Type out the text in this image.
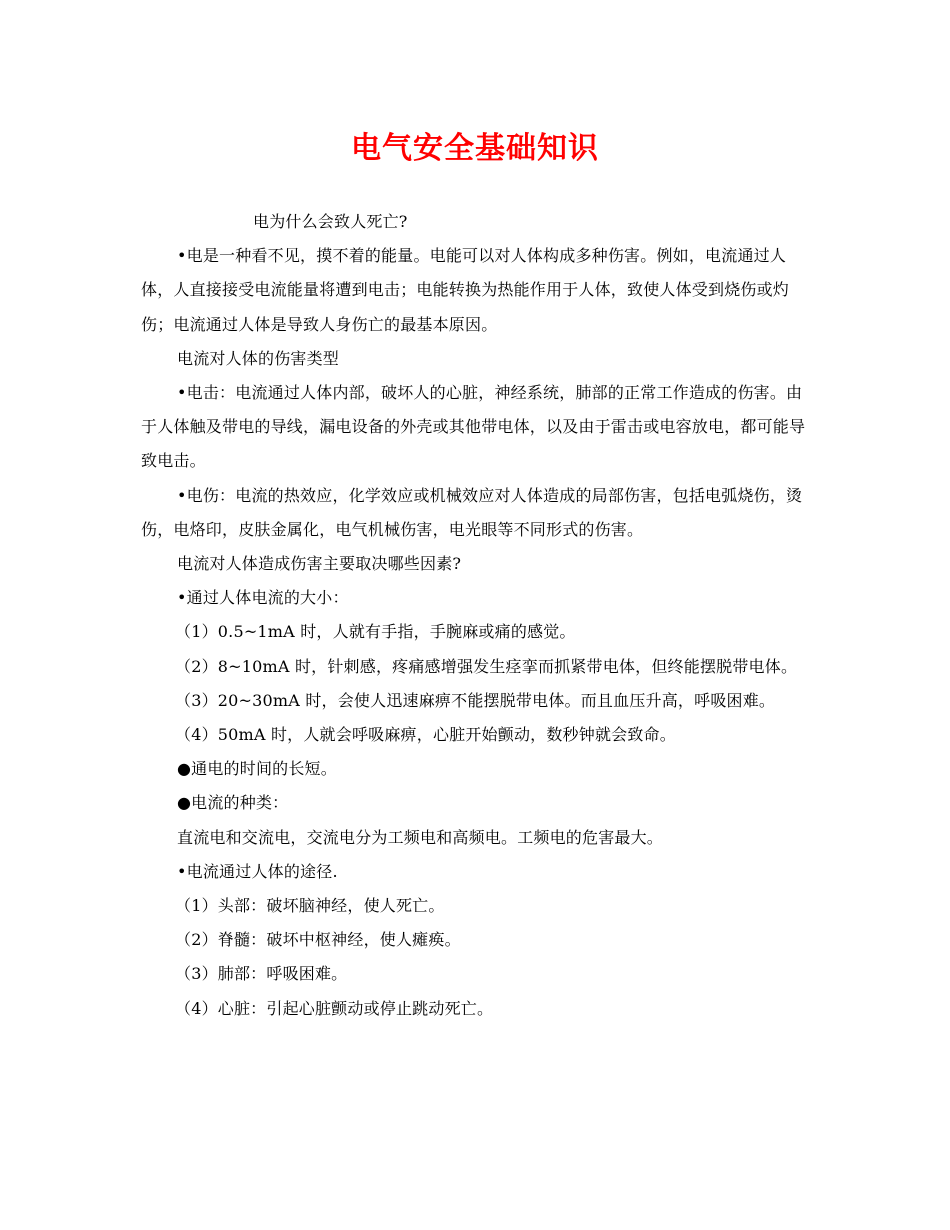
电气安全基础知识

电为什么会致人死亡?

•电是一种看不见，摸不着的能量。电能可以对人体构成多种伤害。例如，电流通过人体，人直接接受电流能量将遭到电击；电能转换为热能作用于人体，致使人体受到烧伤或灼伤；电流通过人体是导致人身伤亡的最基本原因。

电流对人体的伤害类型

•电击：电流通过人体内部，破坏人的心脏，神经系统，肺部的正常工作造成的伤害。由于人体触及带电的导线，漏电设备的外壳或其他带电体，以及由于雷击或电容放电，都可能导致电击。

•电伤：电流的热效应，化学效应或机械效应对人体造成的局部伤害，包括电弧烧伤，烫伤，电烙印，皮肤金属化，电气机械伤害，电光眼等不同形式的伤害。

电流对人体造成伤害主要取决哪些因素?

•通过人体电流的大小：

（1）0.5~1mA 时，人就有手指，手腕麻或痛的感觉。

（2）8~10mA 时，针刺感，疼痛感增强发生痉挛而抓紧带电体，但终能摆脱带电体。

（3）20~30mA 时，会使人迅速麻痹不能摆脱带电体。而且血压升高，呼吸困难。

（4）50mA 时，人就会呼吸麻痹，心脏开始颤动，数秒钟就会致命。

●通电的时间的长短。

●电流的种类：

直流电和交流电，交流电分为工频电和高频电。工频电的危害最大。

•电流通过人体的途径.

（1）头部：破坏脑神经，使人死亡。

（2）脊髓：破坏中枢神经，使人瘫痪。

（3）肺部：呼吸困难。

（4）心脏：引起心脏颤动或停止跳动死亡。
